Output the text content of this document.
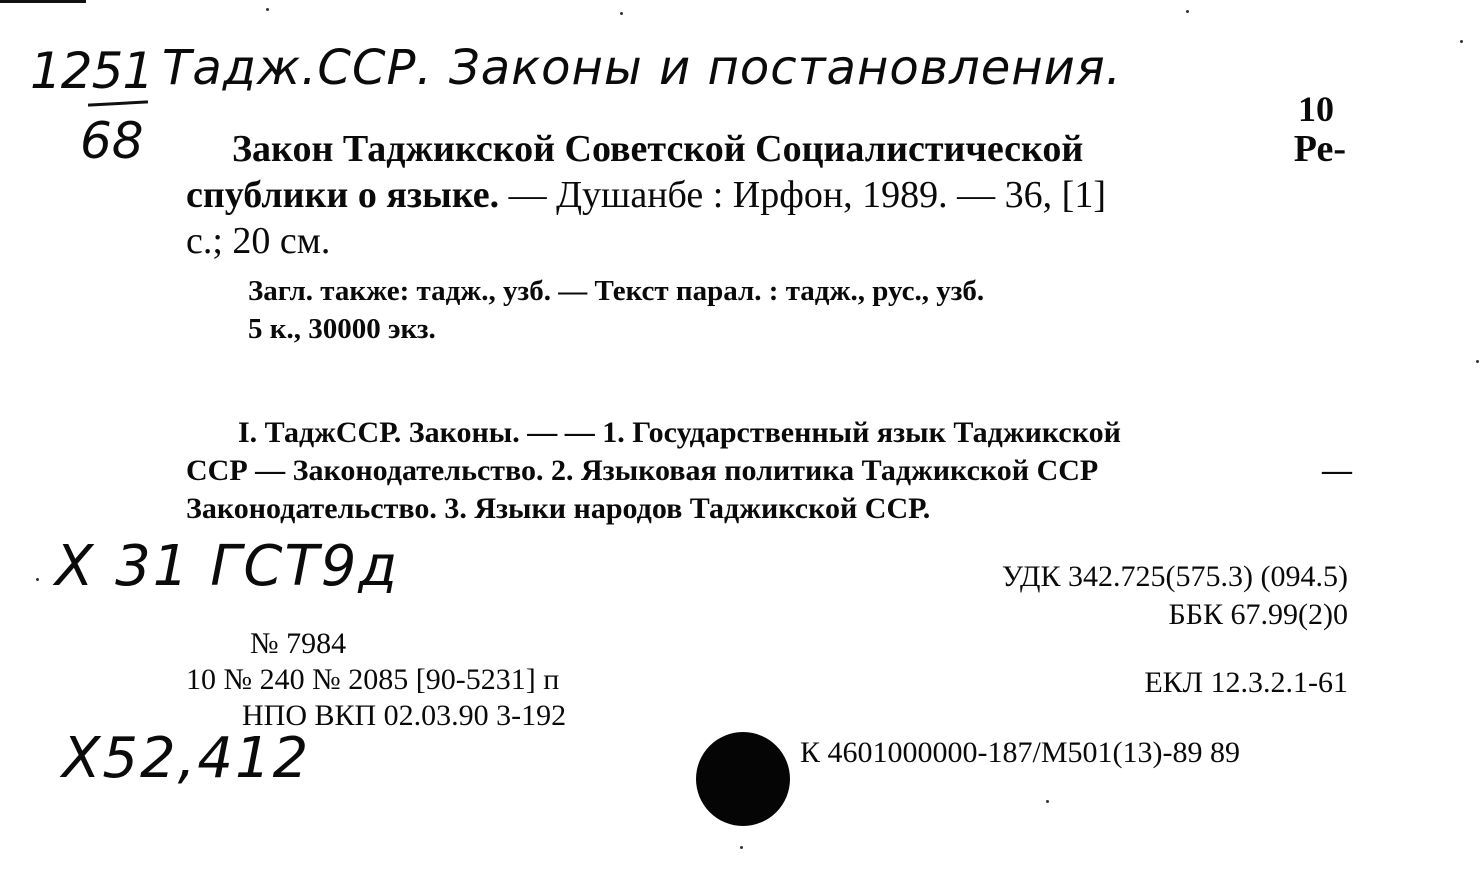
1251
68
Тадж.ССР. Законы и постановления.
10
Закон Таджикской Советской Социалистической	Ре-
спублики о языке. — Душанбе : Ирфон, 1989. — 36, [1]
с.; 20 см.
Загл. также: тадж., узб. — Текст парал. : тадж., рус., узб.
5 к., 30000 экз.
I. ТаджССР. Законы. — — 1. Государственный язык Таджикской
ССР — Законодательство. 2. Языковая политика Таджикской ССР	—
Законодательство. 3. Языки народов Таджикской ССР.
Х 31 ГСТ9д	УДК 342.725(575.3) (094.5)
ББК 67.99(2)0
№ 7984
10 № 240 № 2085 [90-5231] п
НПО ВКП 02.03.90 3-192
ЕКЛ 12.3.2.1-61
Х52,412	К 4601000000-187/М501(13)-89 89
